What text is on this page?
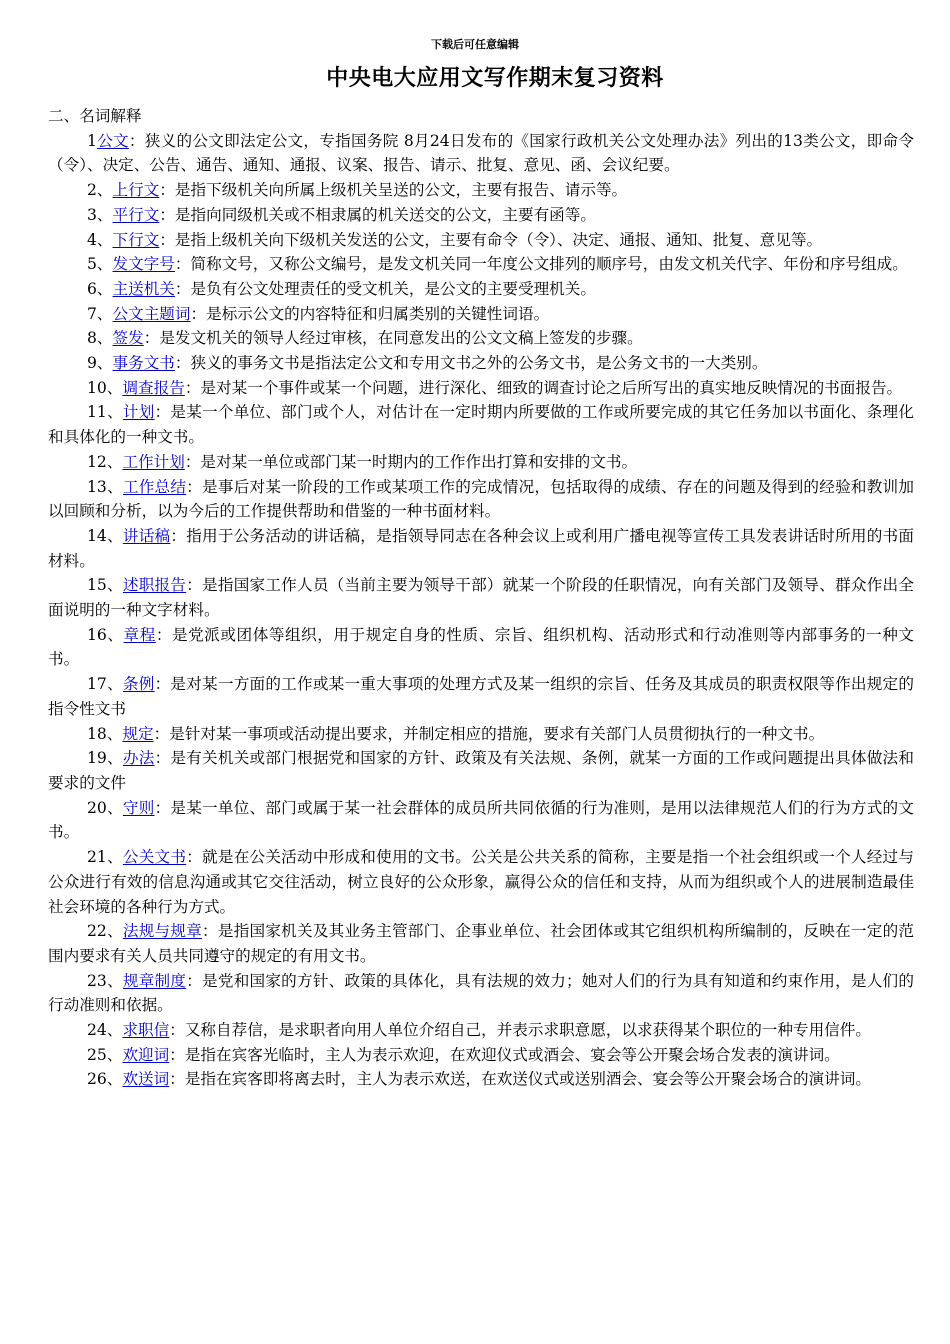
下载后可任意编辑
中央电大应用文写作期末复习资料

二、名词解释

1公文：狭义的公文即法定公文，专指国务院 8月24日发布的《国家行政机关公文处理办法》列出的13类公文，即命令（令）、决定、公告、通告、通知、通报、议案、报告、请示、批复、意见、函、会议纪要。

2、上行文：是指下级机关向所属上级机关呈送的公文，主要有报告、请示等。

3、平行文：是指向同级机关或不相隶属的机关送交的公文，主要有函等。

4、下行文：是指上级机关向下级机关发送的公文，主要有命令（令）、决定、通报、通知、批复、意见等。

5、发文字号：简称文号，又称公文编号，是发文机关同一年度公文排列的顺序号，由发文机关代字、年份和序号组成。

6、主送机关：是负有公文处理责任的受文机关，是公文的主要受理机关。

7、公文主题词：是标示公文的内容特征和归属类别的关键性词语。

8、签发：是发文机关的领导人经过审核，在同意发出的公文文稿上签发的步骤。

9、事务文书：狭义的事务文书是指法定公文和专用文书之外的公务文书，是公务文书的一大类别。

10、调查报告：是对某一个事件或某一个问题，进行深化、细致的调查讨论之后所写出的真实地反映情况的书面报告。

11、计划：是某一个单位、部门或个人，对估计在一定时期内所要做的工作或所要完成的其它任务加以书面化、条理化和具体化的一种文书。

12、工作计划：是对某一单位或部门某一时期内的工作作出打算和安排的文书。

13、工作总结：是事后对某一阶段的工作或某项工作的完成情况，包括取得的成绩、存在的问题及得到的经验和教训加以回顾和分析，以为今后的工作提供帮助和借鉴的一种书面材料。

14、讲话稿：指用于公务活动的讲话稿，是指领导同志在各种会议上或利用广播电视等宣传工具发表讲话时所用的书面材料。

15、述职报告：是指国家工作人员（当前主要为领导干部）就某一个阶段的任职情况，向有关部门及领导、群众作出全面说明的一种文字材料。

16、章程：是党派或团体等组织，用于规定自身的性质、宗旨、组织机构、活动形式和行动准则等内部事务的一种文书。

17、条例：是对某一方面的工作或某一重大事项的处理方式及某一组织的宗旨、任务及其成员的职责权限等作出规定的指令性文书

18、规定：是针对某一事项或活动提出要求，并制定相应的措施，要求有关部门人员贯彻执行的一种文书。

19、办法：是有关机关或部门根据党和国家的方针、政策及有关法规、条例，就某一方面的工作或问题提出具体做法和要求的文件

20、守则：是某一单位、部门或属于某一社会群体的成员所共同依循的行为准则，是用以法律规范人们的行为方式的文书。

21、公关文书：就是在公关活动中形成和使用的文书。公关是公共关系的简称，主要是指一个社会组织或一个人经过与公众进行有效的信息沟通或其它交往活动，树立良好的公众形象，赢得公众的信任和支持，从而为组织或个人的进展制造最佳社会环境的各种行为方式。

22、法规与规章：是指国家机关及其业务主管部门、企事业单位、社会团体或其它组织机构所编制的，反映在一定的范围内要求有关人员共同遵守的规定的有用文书。

23、规章制度：是党和国家的方针、政策的具体化，具有法规的效力；她对人们的行为具有知道和约束作用，是人们的行动准则和依据。

24、求职信：又称自荐信，是求职者向用人单位介绍自己，并表示求职意愿，以求获得某个职位的一种专用信件。

25、欢迎词：是指在宾客光临时，主人为表示欢迎，在欢迎仪式或酒会、宴会等公开聚会场合发表的演讲词。

26、欢送词：是指在宾客即将离去时，主人为表示欢送，在欢送仪式或送别酒会、宴会等公开聚会场合的演讲词。
